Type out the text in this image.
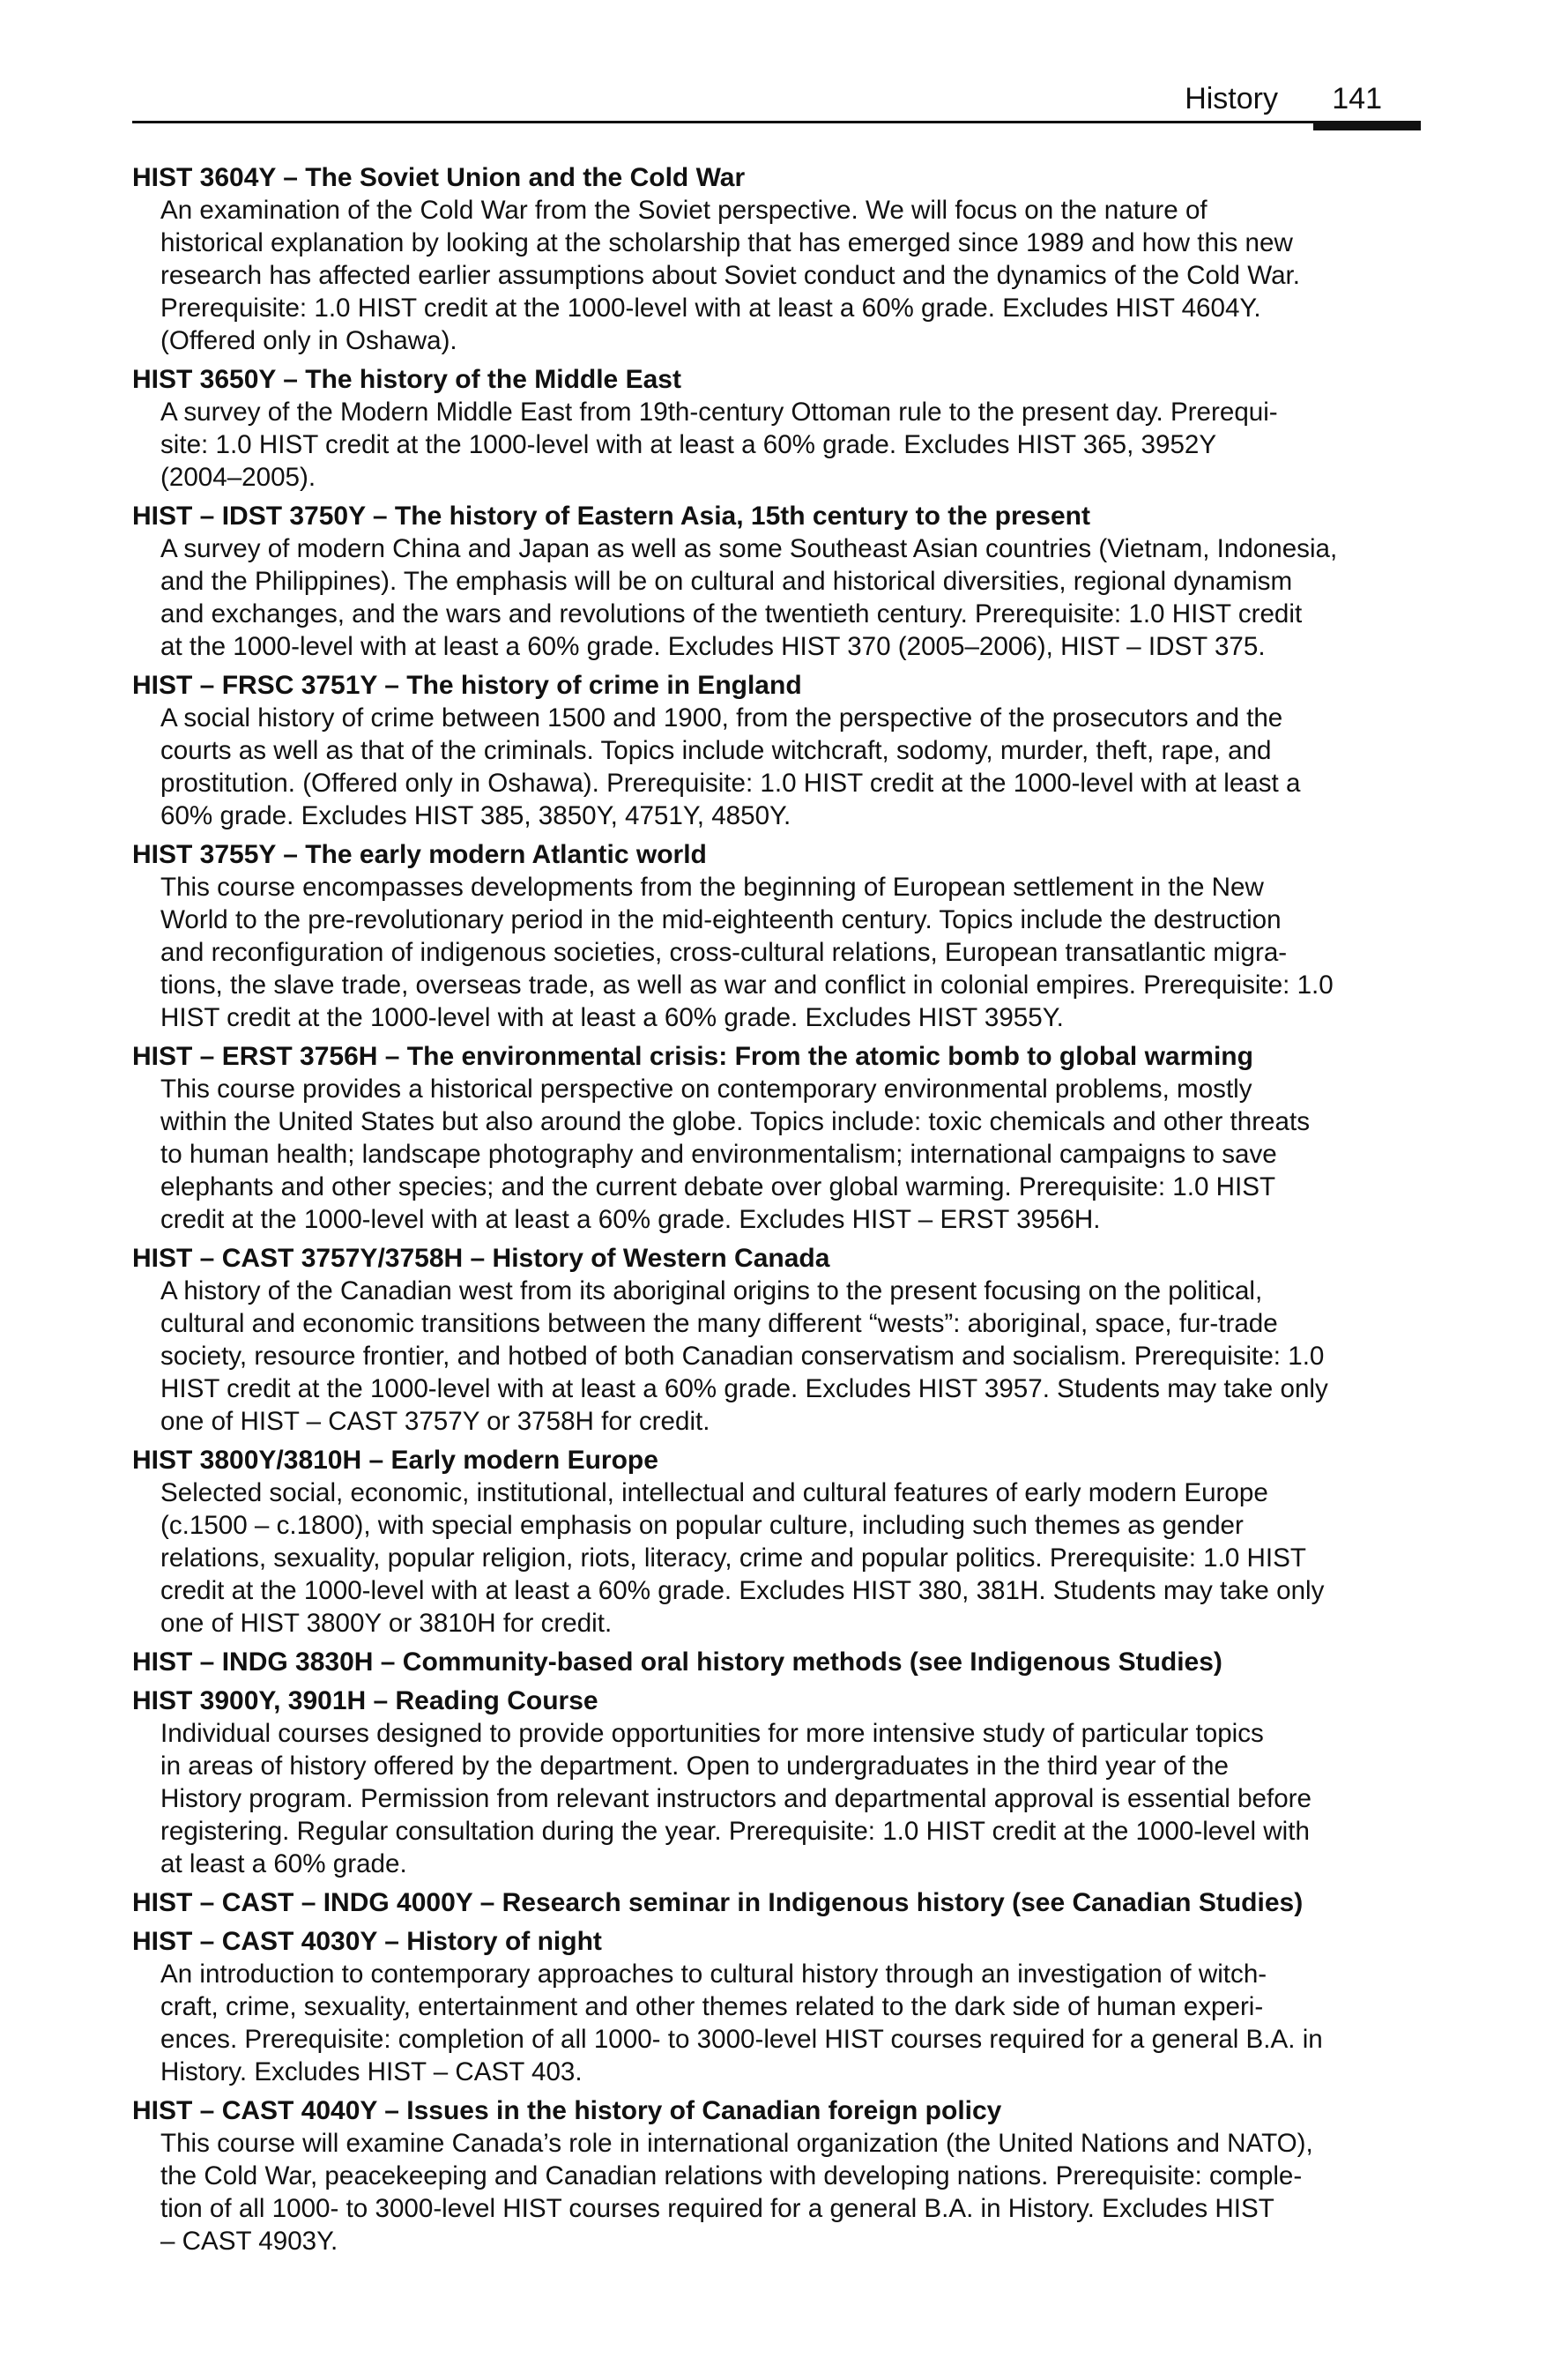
History 141
HIST 3604Y – The Soviet Union and the Cold War
An examination of the Cold War from the Soviet perspective. We will focus on the nature of
historical explanation by looking at the scholarship that has emerged since 1989 and how this new
research has affected earlier assumptions about Soviet conduct and the dynamics of the Cold War.
Prerequisite: 1.0 HIST credit at the 1000-level with at least a 60% grade. Excludes HIST 4604Y.
(Offered only in Oshawa).
HIST 3650Y – The history of the Middle East
A survey of the Modern Middle East from 19th-century Ottoman rule to the present day. Prerequi-
site: 1.0 HIST credit at the 1000-level with at least a 60% grade. Excludes HIST 365, 3952Y
(2004–2005).
HIST – IDST 3750Y – The history of Eastern Asia, 15th century to the present
A survey of modern China and Japan as well as some Southeast Asian countries (Vietnam, Indonesia,
and the Philippines). The emphasis will be on cultural and historical diversities, regional dynamism
and exchanges, and the wars and revolutions of the twentieth century. Prerequisite: 1.0 HIST credit
at the 1000-level with at least a 60% grade. Excludes HIST 370 (2005–2006), HIST – IDST 375.
HIST – FRSC 3751Y – The history of crime in England
A social history of crime between 1500 and 1900, from the perspective of the prosecutors and the
courts as well as that of the criminals. Topics include witchcraft, sodomy, murder, theft, rape, and
prostitution. (Offered only in Oshawa). Prerequisite: 1.0 HIST credit at the 1000-level with at least a
60% grade. Excludes HIST 385, 3850Y, 4751Y, 4850Y.
HIST 3755Y – The early modern Atlantic world
This course encompasses developments from the beginning of European settlement in the New
World to the pre-revolutionary period in the mid-eighteenth century. Topics include the destruction
and reconfiguration of indigenous societies, cross-cultural relations, European transatlantic migra-
tions, the slave trade, overseas trade, as well as war and conflict in colonial empires. Prerequisite: 1.0
HIST credit at the 1000-level with at least a 60% grade. Excludes HIST 3955Y.
HIST – ERST 3756H – The environmental crisis: From the atomic bomb to global warming
This course provides a historical perspective on contemporary environmental problems, mostly
within the United States but also around the globe. Topics include: toxic chemicals and other threats
to human health; landscape photography and environmentalism; international campaigns to save
elephants and other species; and the current debate over global warming. Prerequisite: 1.0 HIST
credit at the 1000-level with at least a 60% grade. Excludes HIST – ERST 3956H.
HIST – CAST 3757Y/3758H – History of Western Canada
A history of the Canadian west from its aboriginal origins to the present focusing on the political,
cultural and economic transitions between the many different “wests”: aboriginal, space, fur-trade
society, resource frontier, and hotbed of both Canadian conservatism and socialism. Prerequisite: 1.0
HIST credit at the 1000-level with at least a 60% grade. Excludes HIST 3957. Students may take only
one of HIST – CAST 3757Y or 3758H for credit.
HIST 3800Y/3810H – Early modern Europe
Selected social, economic, institutional, intellectual and cultural features of early modern Europe
(c.1500 – c.1800), with special emphasis on popular culture, including such themes as gender
relations, sexuality, popular religion, riots, literacy, crime and popular politics. Prerequisite: 1.0 HIST
credit at the 1000-level with at least a 60% grade. Excludes HIST 380, 381H. Students may take only
one of HIST 3800Y or 3810H for credit.
HIST – INDG 3830H – Community-based oral history methods (see Indigenous Studies)
HIST 3900Y, 3901H – Reading Course
Individual courses designed to provide opportunities for more intensive study of particular topics
in areas of history offered by the department. Open to undergraduates in the third year of the
History program. Permission from relevant instructors and departmental approval is essential before
registering. Regular consultation during the year. Prerequisite: 1.0 HIST credit at the 1000-level with
at least a 60% grade.
HIST – CAST – INDG 4000Y – Research seminar in Indigenous history (see Canadian Studies)
HIST – CAST 4030Y – History of night
An introduction to contemporary approaches to cultural history through an investigation of witch-
craft, crime, sexuality, entertainment and other themes related to the dark side of human experi-
ences. Prerequisite: completion of all 1000- to 3000-level HIST courses required for a general B.A. in
History. Excludes HIST – CAST 403.
HIST – CAST 4040Y – Issues in the history of Canadian foreign policy
This course will examine Canada’s role in international organization (the United Nations and NATO),
the Cold War, peacekeeping and Canadian relations with developing nations. Prerequisite: comple-
tion of all 1000- to 3000-level HIST courses required for a general B.A. in History. Excludes HIST
– CAST 4903Y.
